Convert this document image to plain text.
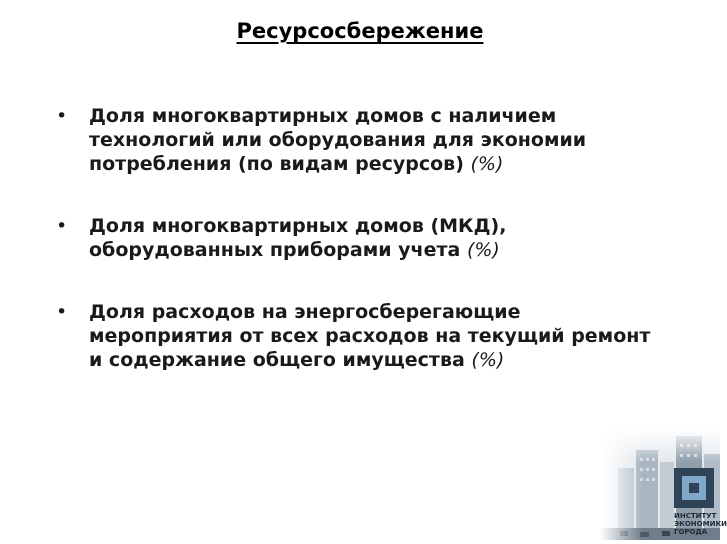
Ресурсосбережение
• Доля многоквартирных домов с наличием технологий или оборудования для экономии потребления (по видам ресурсов) (%)
• Доля многоквартирных домов (МКД), оборудованных приборами учета (%)
• Доля расходов на энергосберегающие мероприятия от всех расходов на текущий ремонт и содержание общего имущества (%)
ИНСТИТУТ
ЭКОНОМИКИ
ГОРОДА
